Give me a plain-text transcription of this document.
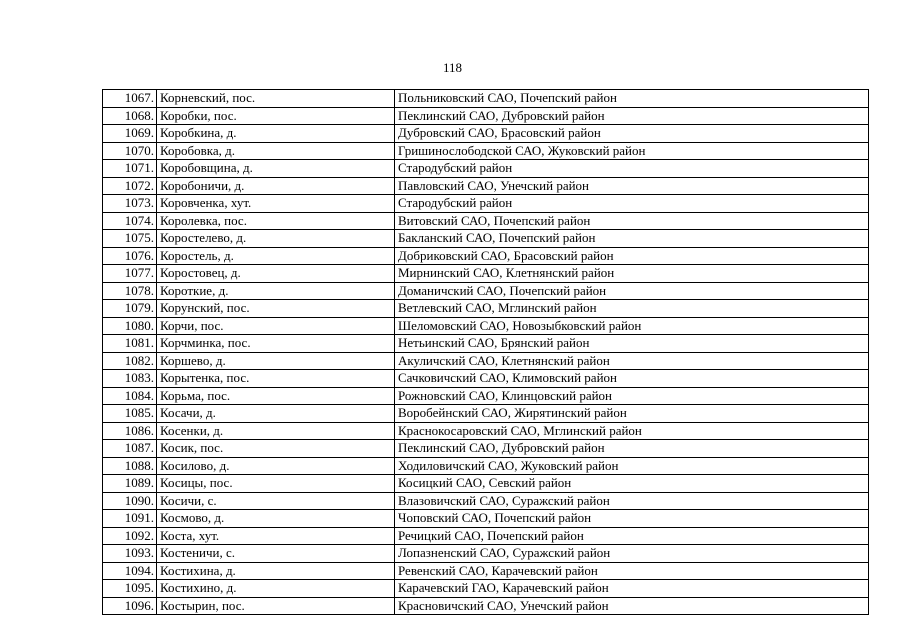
118
1067.	Корневский, пос.	Польниковский САО, Почепский район
1068.	Коробки, пос.	Пеклинский САО, Дубровский район
1069.	Коробкина, д.	Дубровский САО, Брасовский район
1070.	Коробовка, д.	Гришинослободской САО, Жуковский район
1071.	Коробовщина, д.	Стародубский район
1072.	Коробоничи, д.	Павловский САО, Унечский район
1073.	Коровченка, хут.	Стародубский район
1074.	Королевка, пос.	Витовский САО, Почепский район
1075.	Коростелево, д.	Бакланский САО, Почепский район
1076.	Коростель, д.	Добриковский САО, Брасовский район
1077.	Коростовец, д.	Мирнинский САО, Клетнянский район
1078.	Короткие, д.	Доманичский САО, Почепский район
1079.	Корунский, пос.	Ветлевский САО, Мглинский район
1080.	Корчи, пос.	Шеломовский САО, Новозыбковский район
1081.	Корчминка, пос.	Нетьинский САО, Брянский район
1082.	Коршево, д.	Акуличский САО, Клетнянский район
1083.	Корытенка, пос.	Сачковичский САО, Климовский район
1084.	Корьма, пос.	Рожновский САО, Клинцовский район
1085.	Косачи, д.	Воробейнский САО, Жирятинский район
1086.	Косенки, д.	Краснокосаровский САО, Мглинский район
1087.	Косик, пос.	Пеклинский САО, Дубровский район
1088.	Косилово, д.	Ходиловичский САО, Жуковский район
1089.	Косицы, пос.	Косицкий САО, Севский район
1090.	Косичи, с.	Влазовичский САО, Суражский район
1091.	Космово, д.	Чоповский САО, Почепский район
1092.	Коста, хут.	Речицкий САО, Почепский район
1093.	Костеничи, с.	Лопазненский САО, Суражский район
1094.	Костихина, д.	Ревенский САО, Карачевский район
1095.	Костихино, д.	Карачевский ГАО, Карачевский район
1096.	Костырин, пос.	Красновичский САО, Унечский район
